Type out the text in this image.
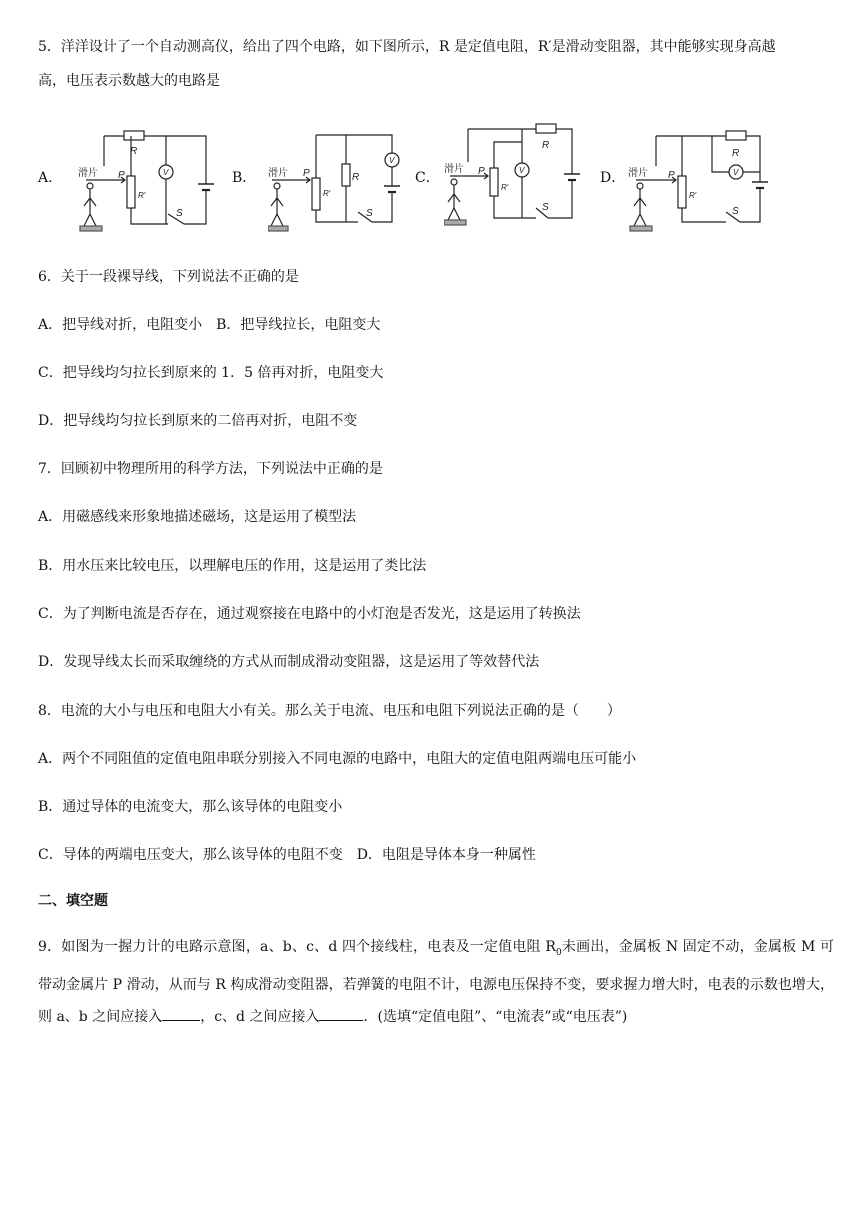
5．洋洋设计了一个自动测高仪，给出了四个电路，如下图所示，R 是定值电阻，R′是滑动变阻器，其中能够实现身高越
高，电压表示数越大的电路是
A．	B．	C．	D．
R
R′
V
P
S
滑片	R
R′
V
P
S
滑片
R
R′
V
P
S
滑片
R
R′
V
P
S
滑片
6．关于一段裸导线，下列说法不正确的是
A．把导线对折，电阻变小　B．把导线拉长，电阻变大
C．把导线均匀拉长到原来的 1．5 倍再对折，电阻变大
D．把导线均匀拉长到原来的二倍再对折，电阻不变
7．回顾初中物理所用的科学方法，下列说法中正确的是
A．用磁感线来形象地描述磁场，这是运用了模型法
B．用水压来比较电压，以理解电压的作用，这是运用了类比法
C．为了判断电流是否存在，通过观察接在电路中的小灯泡是否发光，这是运用了转换法
D．发现导线太长而采取缠绕的方式从而制成滑动变阻器，这是运用了等效替代法
8．电流的大小与电压和电阻大小有关。那么关于电流、电压和电阻下列说法正确的是（　　）
A．两个不同阻值的定值电阻串联分别接入不同电源的电路中，电阻大的定值电阻两端电压可能小
B．通过导体的电流变大，那么该导体的电阻变小
C．导体的两端电压变大，那么该导体的电阻不变　D．电阻是导体本身一种属性
二、填空题
9．如图为一握力计的电路示意图，a、b、c、d 四个接线柱，电表及一定值电阻 $R_0$未画出，金属板 N 固定不动，金属板 M 可带动金属片 P 滑动，从而与 R 构成滑动变阻器，若弹簧的电阻不计，电源电压保持不变，要求握力增大时，电表的示数也增大，则 a、b 之间应接入	，c、d 之间应接入	．(选填“定值电阻”、“电流表”或“电压表”)
